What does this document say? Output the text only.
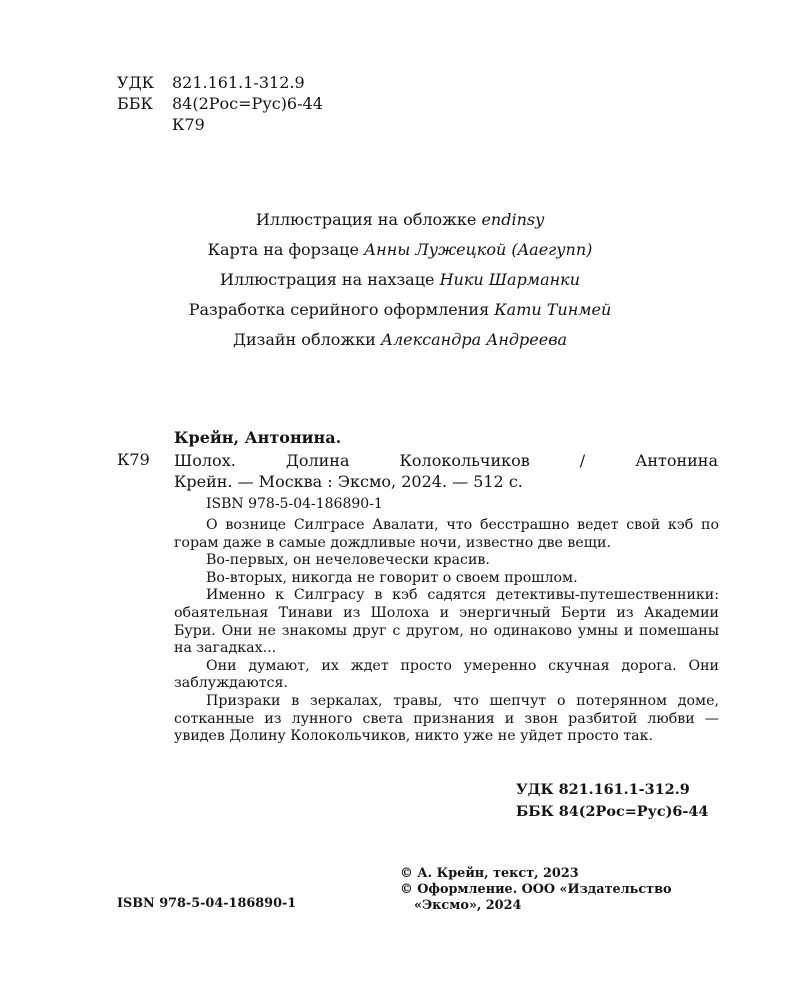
УДК	821.161.1-312.9
ББК	84(2Рос=Рус)6-44
К79
Иллюстрация на обложке endinsy
Карта на форзаце Анны Лужецкой (Aaeгупп)
Иллюстрация на нахзаце Ники Шарманки
Разработка серийного оформления Кати Тинмей
Дизайн обложки Александра Андреева
Крейн, Антонина.
К79 Шолох. Долина Колокольчиков / Антонина
Крейн. — Москва : Эксмо, 2024. — 512 с.
ISBN 978-5-04-186890-1

О вознице Силграсе Авалати, что бесстрашно ведет свой кэб по горам даже в самые дождливые ночи, известно две вещи.

Во-первых, он нечеловечески красив.

Во-вторых, никогда не говорит о своем прошлом.

Именно к Силграсу в кэб садятся детективы-путешественники: обаятельная Тинави из Шолоха и энергичный Берти из Академии Бури. Они не знакомы друг с другом, но одинаково умны и помешаны на загадках...

Они думают, их ждет просто умеренно скучная дорога. Они заблуждаются.

Призраки в зеркалах, травы, что шепчут о потерянном доме, сотканные из лунного света признания и звон разбитой любви — увидев Долину Колокольчиков, никто уже не уйдет просто так.

УДК 821.161.1-312.9
ББК 84(2Рос=Рус)6-44
© А. Крейн, текст, 2023
© Оформление. ООО «Издательство
«Эксмо», 2024
ISBN 978-5-04-186890-1
